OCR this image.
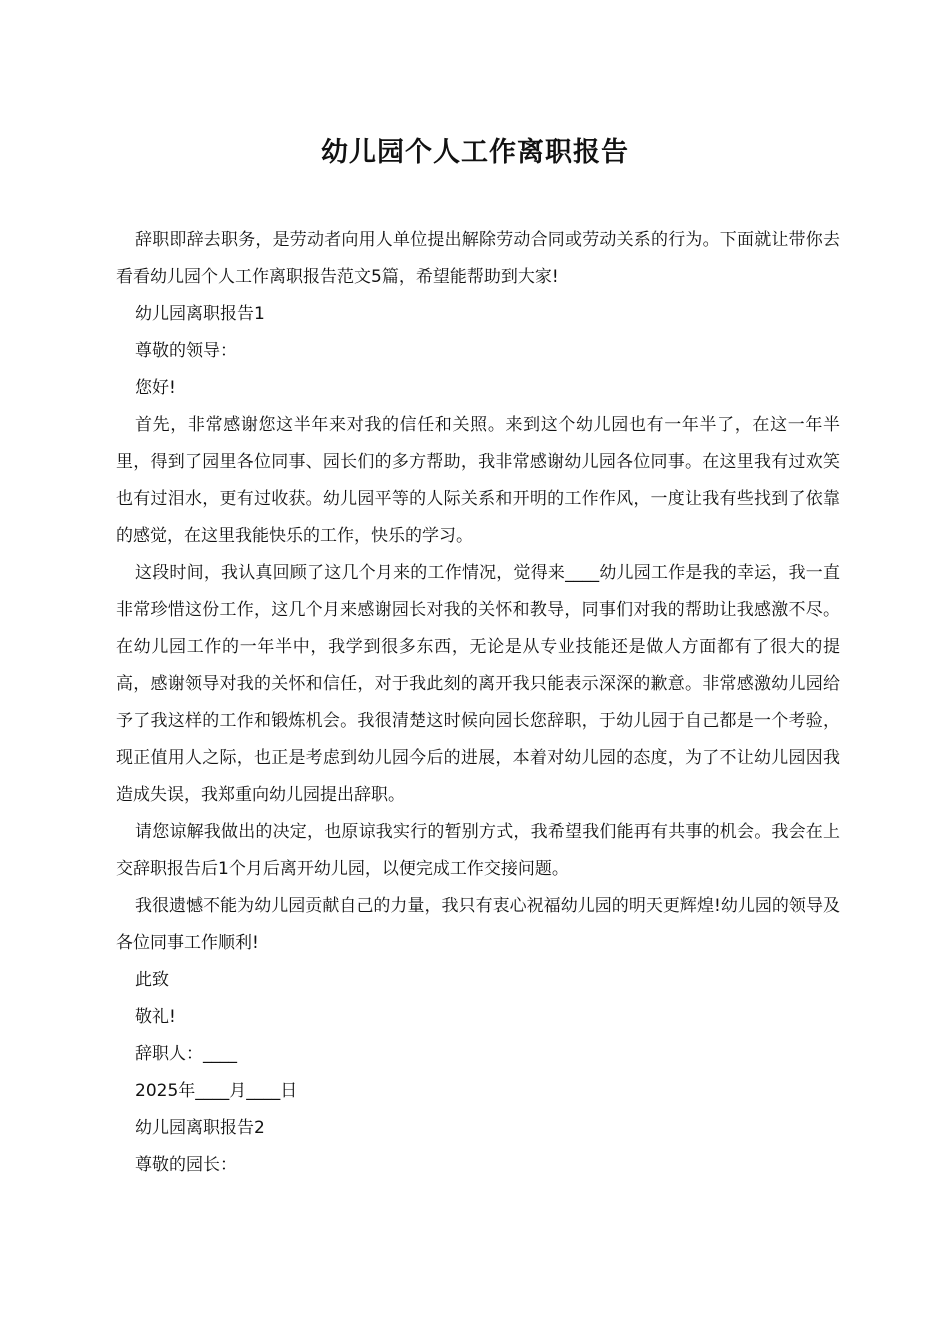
幼儿园个人工作离职报告

辞职即辞去职务，是劳动者向用人单位提出解除劳动合同或劳动关系的行为。下面就让带你去看看幼儿园个人工作离职报告范文5篇，希望能帮助到大家!

幼儿园离职报告1

尊敬的领导：

您好!

首先，非常感谢您这半年来对我的信任和关照。来到这个幼儿园也有一年半了，在这一年半里，得到了园里各位同事、园长们的多方帮助，我非常感谢幼儿园各位同事。在这里我有过欢笑也有过泪水，更有过收获。幼儿园平等的人际关系和开明的工作作风，一度让我有些找到了依靠的感觉，在这里我能快乐的工作，快乐的学习。

这段时间，我认真回顾了这几个月来的工作情况，觉得来____幼儿园工作是我的幸运，我一直非常珍惜这份工作，这几个月来感谢园长对我的关怀和教导，同事们对我的帮助让我感激不尽。在幼儿园工作的一年半中，我学到很多东西，无论是从专业技能还是做人方面都有了很大的提高，感谢领导对我的关怀和信任，对于我此刻的离开我只能表示深深的歉意。非常感激幼儿园给予了我这样的工作和锻炼机会。我很清楚这时候向园长您辞职，于幼儿园于自己都是一个考验，现正值用人之际，也正是考虑到幼儿园今后的进展，本着对幼儿园的态度，为了不让幼儿园因我造成失误，我郑重向幼儿园提出辞职。

请您谅解我做出的决定，也原谅我实行的暂别方式，我希望我们能再有共事的机会。我会在上交辞职报告后1个月后离开幼儿园，以便完成工作交接问题。

我很遗憾不能为幼儿园贡献自己的力量，我只有衷心祝福幼儿园的明天更辉煌!幼儿园的领导及各位同事工作顺利!

此致

敬礼!

辞职人：____

2025年____月____日

幼儿园离职报告2

尊敬的园长：
